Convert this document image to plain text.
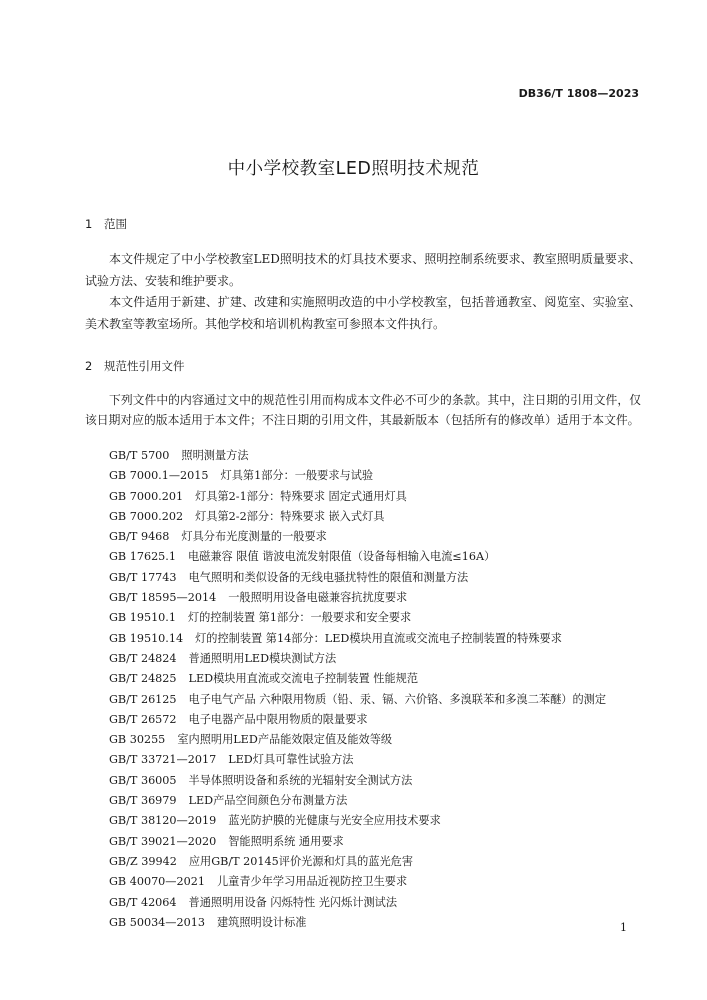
DB36/T 1808—2023
中小学校教室LED照明技术规范
1 范围
本文件规定了中小学校教室LED照明技术的灯具技术要求、照明控制系统要求、教室照明质量要求、试验方法、安装和维护要求。
本文件适用于新建、扩建、改建和实施照明改造的中小学校教室，包括普通教室、阅览室、实验室、美术教室等教室场所。其他学校和培训机构教室可参照本文件执行。
2 规范性引用文件
下列文件中的内容通过文中的规范性引用而构成本文件必不可少的条款。其中，注日期的引用文件，仅该日期对应的版本适用于本文件；不注日期的引用文件，其最新版本（包括所有的修改单）适用于本文件。
GB/T 5700 照明测量方法
GB 7000.1—2015 灯具第1部分：一般要求与试验
GB 7000.201 灯具第2-1部分：特殊要求 固定式通用灯具
GB 7000.202 灯具第2-2部分：特殊要求 嵌入式灯具
GB/T 9468 灯具分布光度测量的一般要求
GB 17625.1 电磁兼容 限值 谐波电流发射限值（设备每相输入电流≤16A）
GB/T 17743 电气照明和类似设备的无线电骚扰特性的限值和测量方法
GB/T 18595—2014 一般照明用设备电磁兼容抗扰度要求
GB 19510.1 灯的控制装置 第1部分：一般要求和安全要求
GB 19510.14 灯的控制装置 第14部分：LED模块用直流或交流电子控制装置的特殊要求
GB/T 24824 普通照明用LED模块测试方法
GB/T 24825 LED模块用直流或交流电子控制装置 性能规范
GB/T 26125 电子电气产品 六种限用物质（铅、汞、镉、六价铬、多溴联苯和多溴二苯醚）的测定
GB/T 26572 电子电器产品中限用物质的限量要求
GB 30255 室内照明用LED产品能效限定值及能效等级
GB/T 33721—2017 LED灯具可靠性试验方法
GB/T 36005 半导体照明设备和系统的光辐射安全测试方法
GB/T 36979 LED产品空间颜色分布测量方法
GB/T 38120—2019 蓝光防护膜的光健康与光安全应用技术要求
GB/T 39021—2020 智能照明系统 通用要求
GB/Z 39942 应用GB/T 20145评价光源和灯具的蓝光危害
GB 40070—2021 儿童青少年学习用品近视防控卫生要求
GB/T 42064 普通照明用设备 闪烁特性 光闪烁计测试法
GB 50034—2013 建筑照明设计标准	1
